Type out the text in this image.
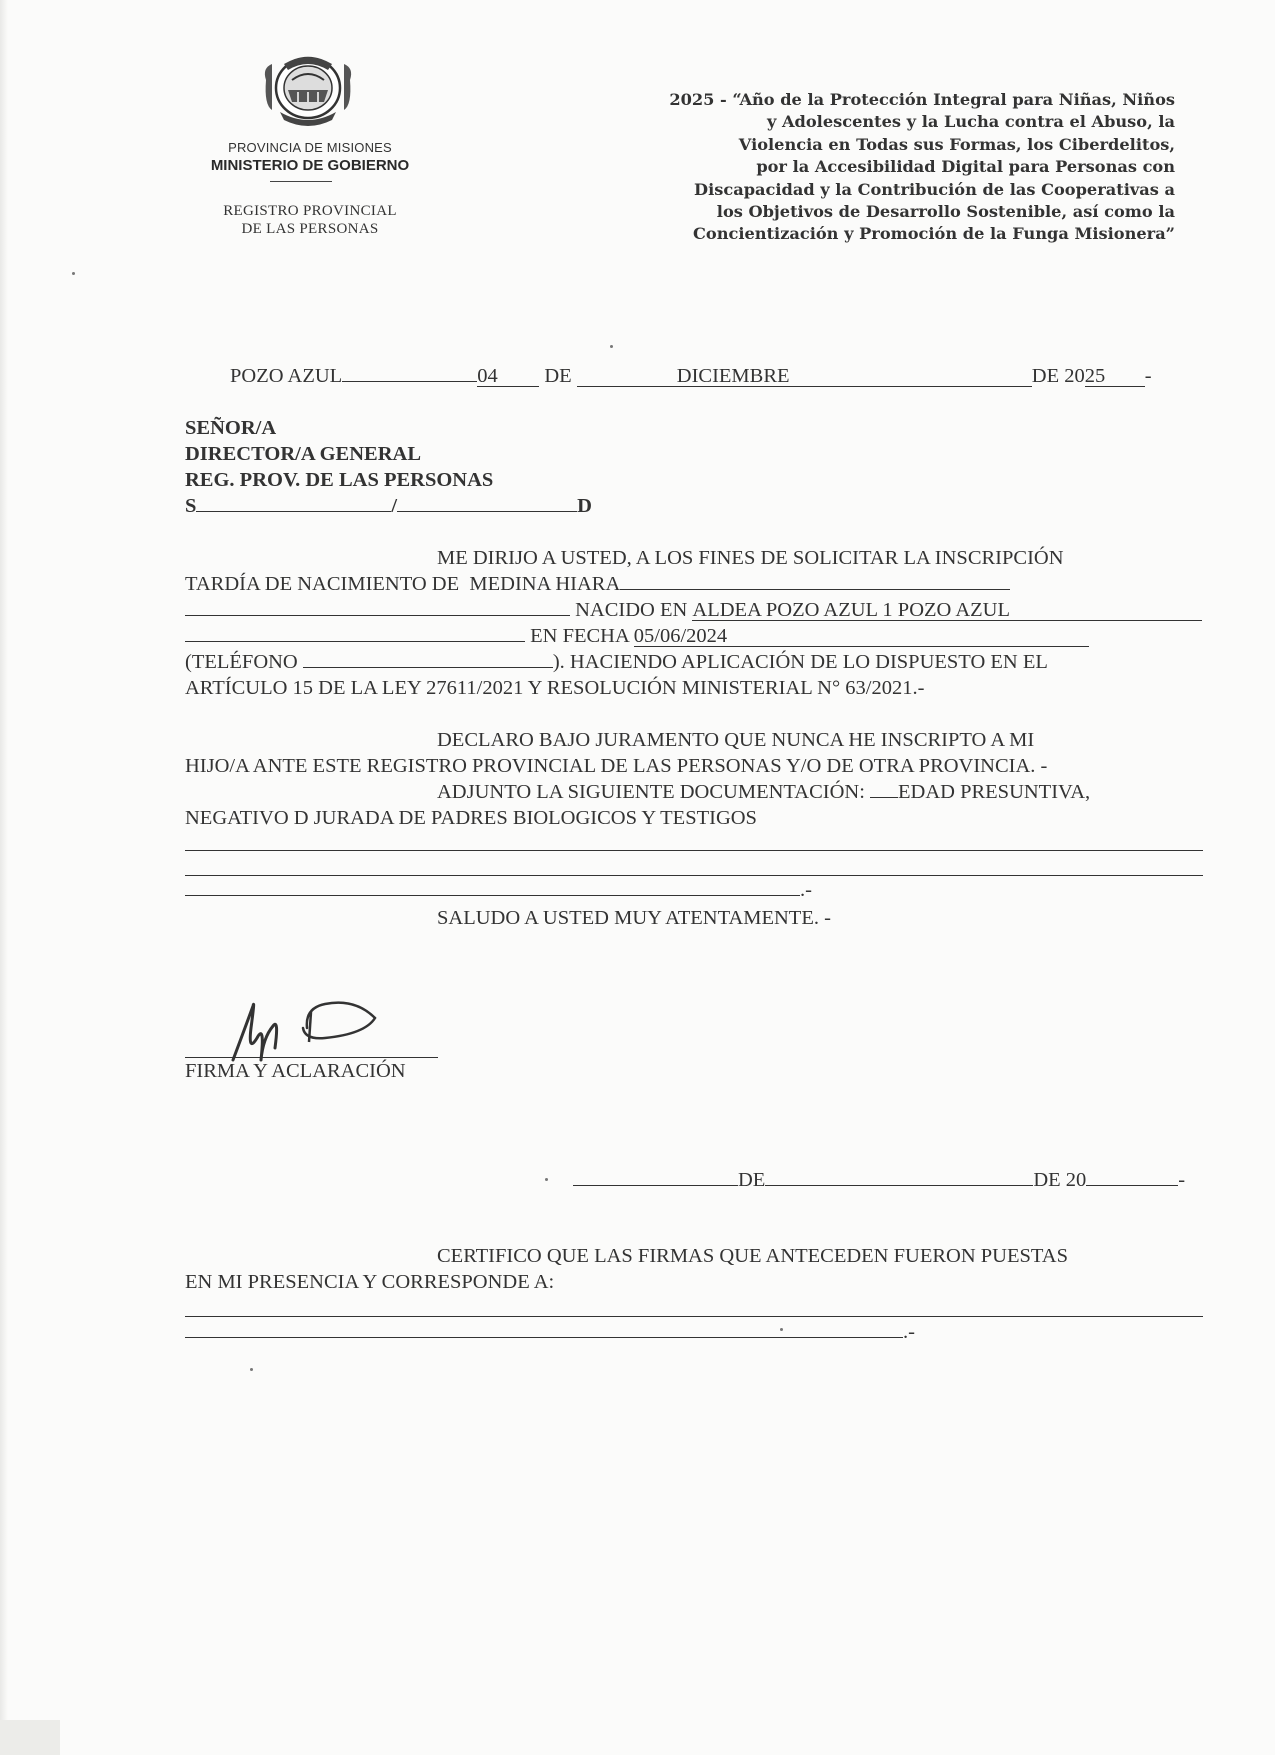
PROVINCIA DE MISIONES
MINISTERIO DE GOBIERNO
REGISTRO PROVINCIAL
DE LAS PERSONAS
2025 - “Año de la Protección Integral para Niñas, Niños
y Adolescentes y la Lucha contra el Abuso, la
Violencia en Todas sus Formas, los Ciberdelitos,
por la Accesibilidad Digital para Personas con
Discapacidad y la Contribución de las Cooperativas a
los Objetivos de Desarrollo Sostenible, así como la
Concientización y Promoción de la Funga Misionera”
POZO AZUL	04 DE	DICIEMBRE	DE 2025 -
SEÑOR/A
DIRECTOR/A GENERAL
REG. PROV. DE LAS PERSONAS
S	/	D
ME DIRIJO A USTED, A LOS FINES DE SOLICITAR LA INSCRIPCIÓN
TARDÍA DE NACIMIENTO DE MEDINA HIARA
NACIDO EN ALDEA POZO AZUL 1 POZO AZUL
EN FECHA 05/06/2024
(TELÉFONO	). HACIENDO APLICACIÓN DE LO DISPUESTO EN EL
ARTÍCULO 15 DE LA LEY 27611/2021 Y RESOLUCIÓN MINISTERIAL N° 63/2021.-
DECLARO BAJO JURAMENTO QUE NUNCA HE INSCRIPTO A MI
HIJO/A ANTE ESTE REGISTRO PROVINCIAL DE LAS PERSONAS Y/O DE OTRA PROVINCIA. -
ADJUNTO LA SIGUIENTE DOCUMENTACIÓN: EDAD PRESUNTIVA,
NEGATIVO D JURADA DE PADRES BIOLOGICOS Y TESTIGOS
.-
SALUDO A USTED MUY ATENTAMENTE. -
FIRMA Y ACLARACIÓN
DE	DE 20	-
CERTIFICO QUE LAS FIRMAS QUE ANTECEDEN FUERON PUESTAS
EN MI PRESENCIA Y CORRESPONDE A:
.-
